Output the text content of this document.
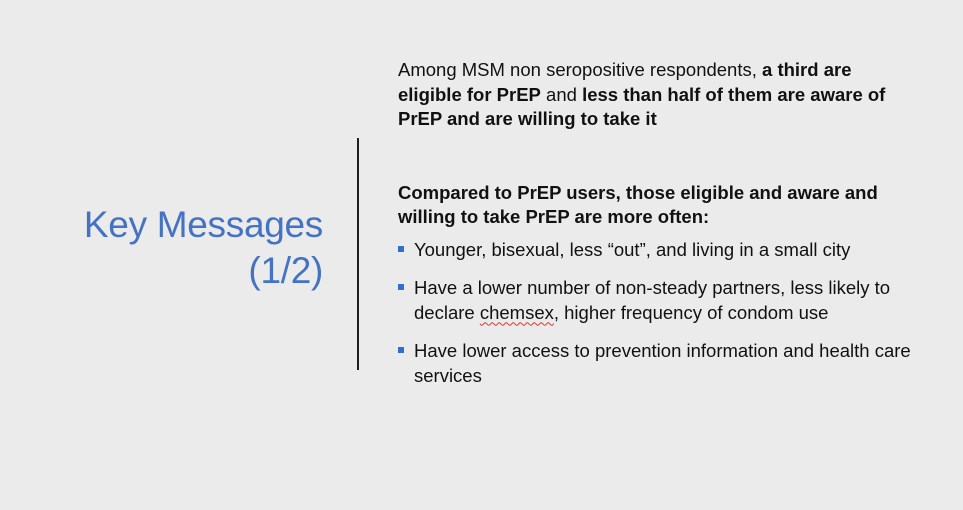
Key Messages
(1/2)

Among MSM non seropositive respondents, a third are eligible for PrEP and less than half of them are aware of PrEP and are willing to take it

Compared to PrEP users, those eligible and aware and willing to take PrEP are more often:

Younger, bisexual, less “out”, and living in a small city
Have a lower number of non-steady partners, less likely to declare chemsex, higher frequency of condom use
Have lower access to prevention information and health care services
